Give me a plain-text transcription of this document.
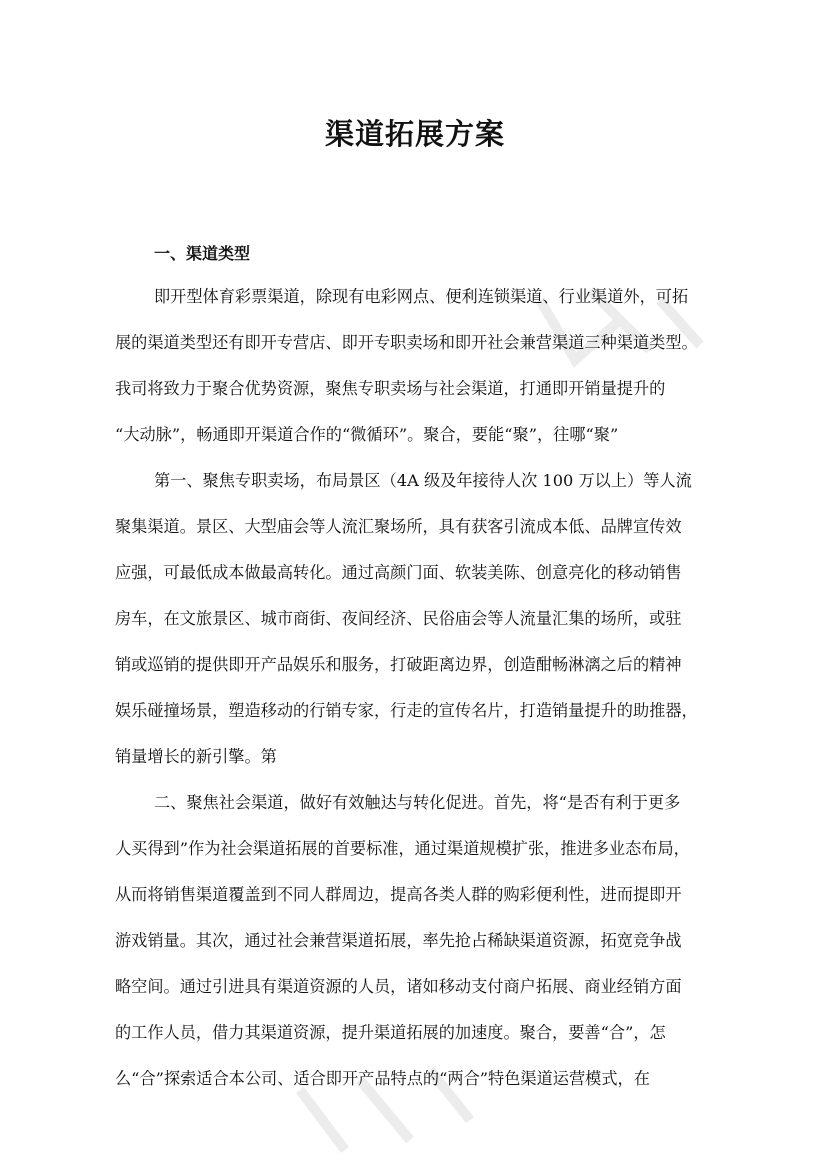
渠道拓展方案
一、渠道类型

即开型体育彩票渠道，除现有电彩网点、便利连锁渠道、行业渠道外，可拓

展的渠道类型还有即开专营店、即开专职卖场和即开社会兼营渠道三种渠道类型。

我司将致力于聚合优势资源，聚焦专职卖场与社会渠道，打通即开销量提升的

“大动脉”，畅通即开渠道合作的“微循环”。聚合，要能“聚”，往哪“聚”

第一、聚焦专职卖场，布局景区（4A 级及年接待人次 100 万以上）等人流

聚集渠道。景区、大型庙会等人流汇聚场所，具有获客引流成本低、品牌宣传效

应强，可最低成本做最高转化。通过高颜门面、软装美陈、创意亮化的移动销售

房车，在文旅景区、城市商街、夜间经济、民俗庙会等人流量汇集的场所，或驻

销或巡销的提供即开产品娱乐和服务，打破距离边界，创造酣畅淋漓之后的精神

娱乐碰撞场景，塑造移动的行销专家，行走的宣传名片，打造销量提升的助推器，

销量增长的新引擎。第

二、聚焦社会渠道，做好有效触达与转化促进。首先，将“是否有利于更多

人买得到”作为社会渠道拓展的首要标准，通过渠道规模扩张，推进多业态布局，

从而将销售渠道覆盖到不同人群周边，提高各类人群的购彩便利性，进而提即开

游戏销量。其次，通过社会兼营渠道拓展，率先抢占稀缺渠道资源，拓宽竞争战

略空间。通过引进具有渠道资源的人员，诸如移动支付商户拓展、商业经销方面

的工作人员，借力其渠道资源，提升渠道拓展的加速度。聚合，要善“合”，怎

么“合”探索适合本公司、适合即开产品特点的“两合”特色渠道运营模式，在
